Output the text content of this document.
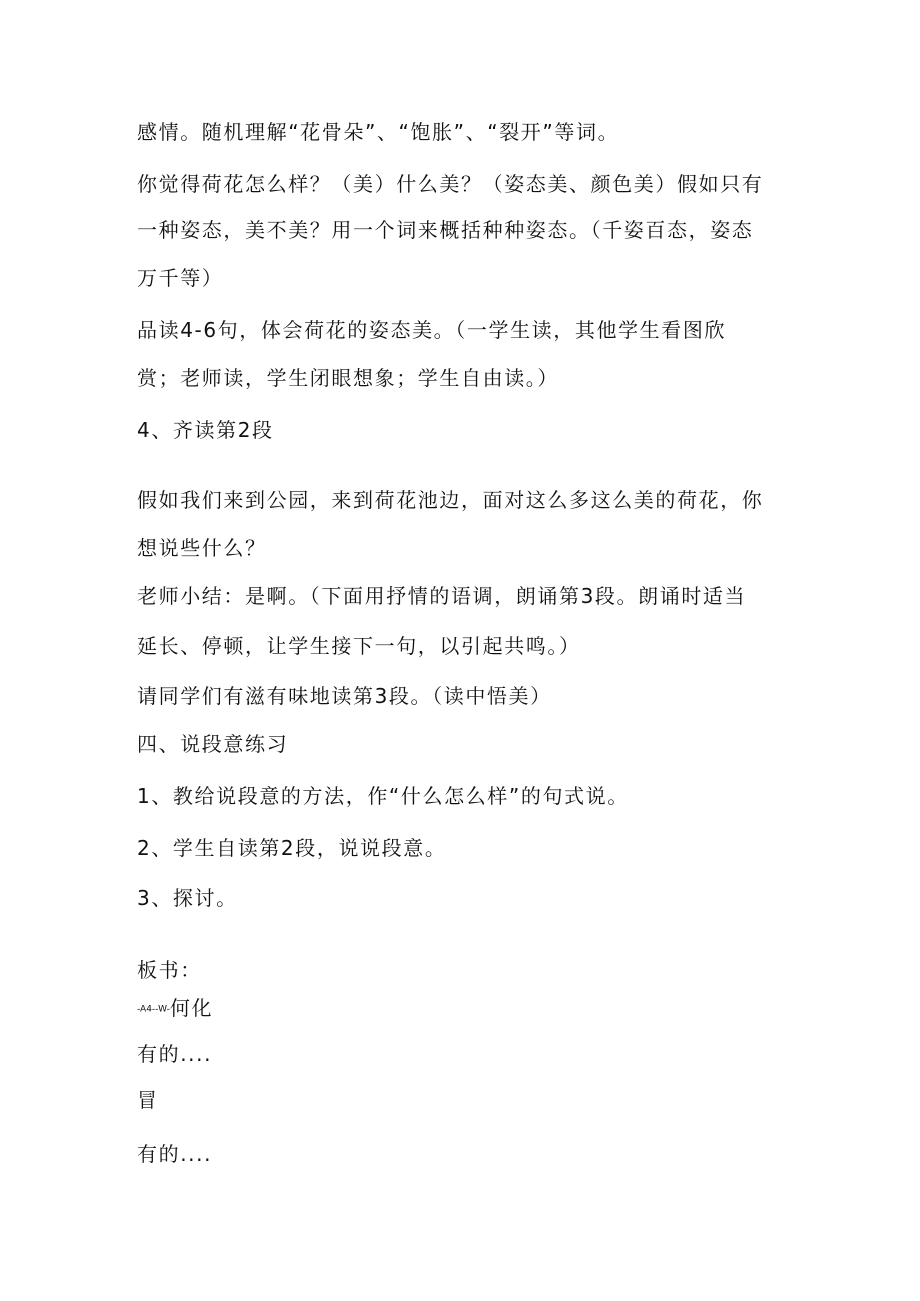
感情。随机理解“花骨朵”、“饱胀”、“裂开”等词。
你觉得荷花怎么样？（美）什么美？（姿态美、颜色美）假如只有
一种姿态，美不美？用一个词来概括种种姿态。（千姿百态，姿态
万千等）
品读4-6句，体会荷花的姿态美。（一学生读，其他学生看图欣
赏；老师读，学生闭眼想象；学生自由读。）
4、齐读第2段
假如我们来到公园，来到荷花池边，面对这么多这么美的荷花，你
想说些什么？
老师小结：是啊。（下面用抒情的语调，朗诵第3段。朗诵时适当
延长、停顿，让学生接下一句，以引起共鸣。）
请同学们有滋有味地读第3段。（读中悟美）
四、说段意练习
1、教给说段意的方法，作“什么怎么样”的句式说。
2、学生自读第2段，说说段意。
3、探讨。
板书：
-A4--W-何化
有的....
冒
有的....
